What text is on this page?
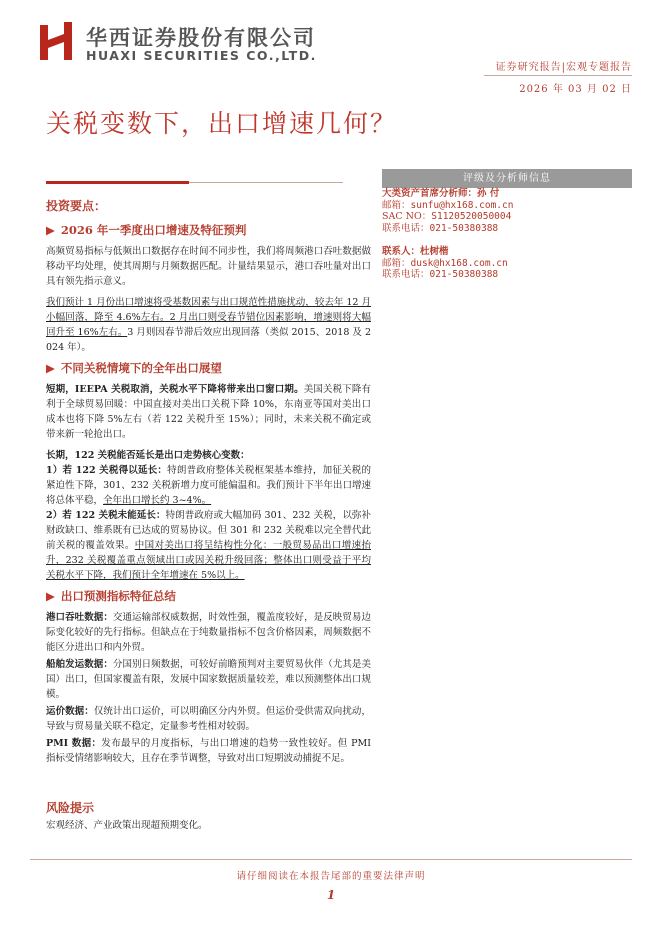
华西证券股份有限公司
HUAXI SECURITIES CO.,LTD.
证券研究报告|宏观专题报告
2026 年 03 月 02 日
关税变数下，出口增速几何？
评级及分析师信息
大类资产首席分析师：孙 付
邮箱：sunfu@hx168.com.cn
SAC NO：S1120520050004
联系电话：021-50380388
联系人：杜树楷
邮箱：dusk@hx168.com.cn
联系电话：021-50380388
投资要点：
▶ 2026 年一季度出口增速及特征预判

高频贸易指标与低频出口数据存在时间不同步性，我们将周频港口吞吐数据做移动平均处理，使其周期与月频数据匹配。计量结果显示，港口吞吐量对出口具有领先指示意义。

我们预计 1 月份出口增速将受基数因素与出口规范性措施扰动，较去年 12 月小幅回落，降至 4.6%左右。2 月出口则受春节错位因素影响，增速则将大幅回升至 16%左右。3 月则因春节滞后效应出现回落（类似 2015、2018 及 2024 年）。

▶ 不同关税情境下的全年出口展望

短期，IEEPA 关税取消，关税水平下降将带来出口窗口期。美国关税下降有利于全球贸易回暖：中国直接对美出口关税下降 10%，东南亚等国对美出口成本也将下降 5%左右（若 122 关税升至 15%）；同时，未来关税不确定或带来新一轮抢出口。

长期，122 关税能否延长是出口走势核心变数：

1）若 122 关税得以延长：特朗普政府整体关税框架基本维持，加征关税的紧迫性下降，301、232 关税新增力度可能偏温和。我们预计下半年出口增速将总体平稳，全年出口增长约 3~4%。

2）若 122 关税未能延长：特朗普政府或大幅加码 301、232 关税，以弥补财政缺口、维系既有已达成的贸易协议。但 301 和 232 关税难以完全替代此前关税的覆盖效果。中国对美出口将呈结构性分化：一般贸易品出口增速抬升，232 关税覆盖重点领域出口或因关税升级回落；整体出口则受益于平均关税水平下降，我们预计全年增速在 5%以上。

▶ 出口预测指标特征总结

港口吞吐数据：交通运输部权威数据，时效性强，覆盖度较好，是反映贸易边际变化较好的先行指标。但缺点在于纯数量指标不包含价格因素，周频数据不能区分进出口和内外贸。

船舶发运数据：分国别日频数据，可较好前瞻预判对主要贸易伙伴（尤其是美国）出口，但国家覆盖有限，发展中国家数据质量较差，难以预测整体出口规模。

运价数据：仅统计出口运价，可以明确区分内外贸。但运价受供需双向扰动，导致与贸易量关联不稳定，定量参考性相对较弱。

PMI 数据：发布最早的月度指标，与出口增速的趋势一致性较好。但 PMI 指标受情绪影响较大，且存在季节调整，导致对出口短期波动捕捉不足。

风险提示
宏观经济、产业政策出现超预期变化。
请仔细阅读在本报告尾部的重要法律声明
1
